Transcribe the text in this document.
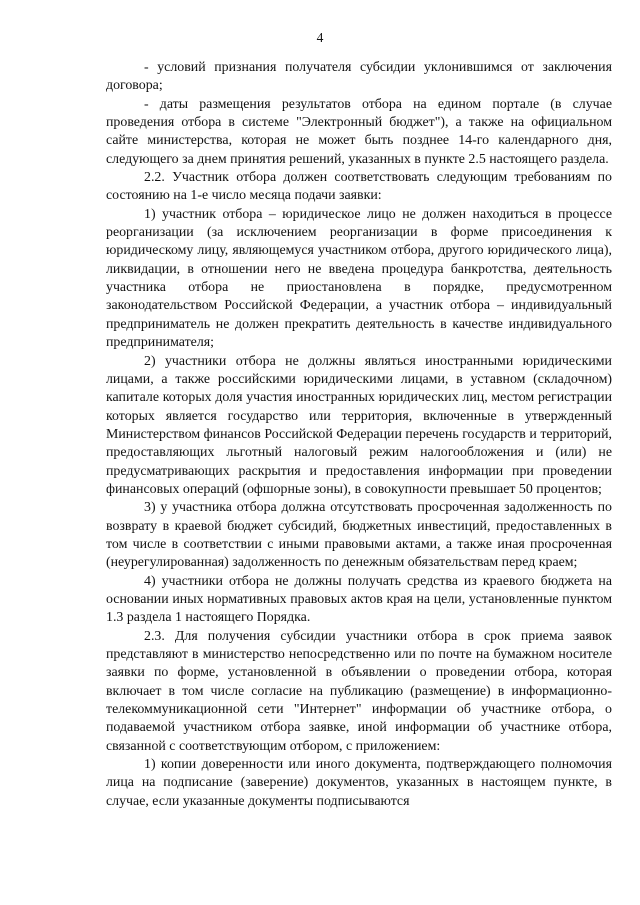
4

- условий признания получателя субсидии уклонившимся от заключения договора;

- даты размещения результатов отбора на едином портале (в случае проведения отбора в системе "Электронный бюджет"), а также на официальном сайте министерства, которая не может быть позднее 14-го календарного дня, следующего за днем принятия решений, указанных в пункте 2.5 настоящего раздела.

2.2. Участник отбора должен соответствовать следующим требованиям по состоянию на 1-е число месяца подачи заявки:

1) участник отбора – юридическое лицо не должен находиться в процессе реорганизации (за исключением реорганизации в форме присоединения к юридическому лицу, являющемуся участником отбора, другого юридического лица), ликвидации, в отношении него не введена процедура банкротства, деятельность участника отбора не приостановлена в порядке, предусмотренном законодательством Российской Федерации, а участник отбора – индивидуальный предприниматель не должен прекратить деятельность в качестве индивидуального предпринимателя;

2) участники отбора не должны являться иностранными юридическими лицами, а также российскими юридическими лицами, в уставном (складочном) капитале которых доля участия иностранных юридических лиц, местом регистрации которых является государство или территория, включенные в утвержденный Министерством финансов Российской Федерации перечень государств и территорий, предоставляющих льготный налоговый режим налогообложения и (или) не предусматривающих раскрытия и предоставления информации при проведении финансовых операций (офшорные зоны), в совокупности превышает 50 процентов;

3) у участника отбора должна отсутствовать просроченная задолженность по возврату в краевой бюджет субсидий, бюджетных инвестиций, предоставленных в том числе в соответствии с иными правовыми актами, а также иная просроченная (неурегулированная) задолженность по денежным обязательствам перед краем;

4) участники отбора не должны получать средства из краевого бюджета на основании иных нормативных правовых актов края на цели, установленные пунктом 1.3 раздела 1 настоящего Порядка.

2.3. Для получения субсидии участники отбора в срок приема заявок представляют в министерство непосредственно или по почте на бумажном носителе заявки по форме, установленной в объявлении о проведении отбора, которая включает в том числе согласие на публикацию (размещение) в информационно-телекоммуникационной сети "Интернет" информации об участнике отбора, о подаваемой участником отбора заявке, иной информации об участнике отбора, связанной с соответствующим отбором, с приложением:

1) копии доверенности или иного документа, подтверждающего полномочия лица на подписание (заверение) документов, указанных в настоящем пункте, в случае, если указанные документы подписываются
